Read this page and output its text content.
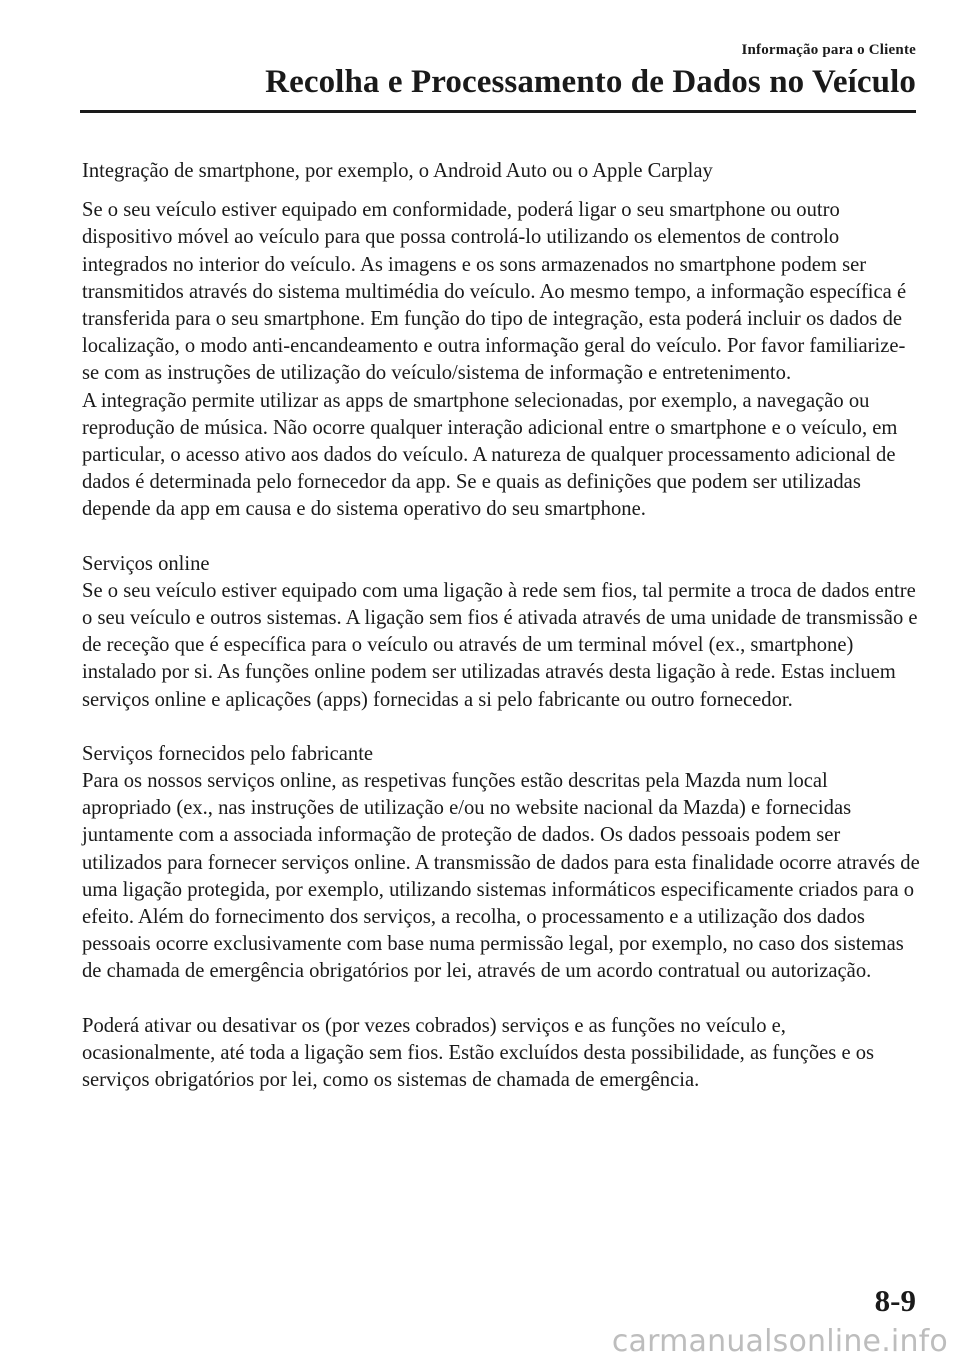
Informação para o Cliente
Recolha e Processamento de Dados no Veículo

Integração de smartphone, por exemplo, o Android Auto ou o Apple Carplay

Se o seu veículo estiver equipado em conformidade, poderá ligar o seu smartphone ou outro dispositivo móvel ao veículo para que possa controlá-lo utilizando os elementos de controlo integrados no interior do veículo. As imagens e os sons armazenados no smartphone podem ser transmitidos através do sistema multimédia do veículo. Ao mesmo tempo, a informação específica é transferida para o seu smartphone. Em função do tipo de integração, esta poderá incluir os dados de localização, o modo anti-encandeamento e outra informação geral do veículo. Por favor familiarize-se com as instruções de utilização do veículo/sistema de informação e entretenimento.

A integração permite utilizar as apps de smartphone selecionadas, por exemplo, a navegação ou reprodução de música. Não ocorre qualquer interação adicional entre o smartphone e o veículo, em particular, o acesso ativo aos dados do veículo. A natureza de qualquer processamento adicional de dados é determinada pelo fornecedor da app. Se e quais as definições que podem ser utilizadas depende da app em causa e do sistema operativo do seu smartphone.

Serviços online

Se o seu veículo estiver equipado com uma ligação à rede sem fios, tal permite a troca de dados entre o seu veículo e outros sistemas. A ligação sem fios é ativada através de uma unidade de transmissão e de receção que é específica para o veículo ou através de um terminal móvel (ex., smartphone) instalado por si. As funções online podem ser utilizadas através desta ligação à rede. Estas incluem serviços online e aplicações (apps) fornecidas a si pelo fabricante ou outro fornecedor.

Serviços fornecidos pelo fabricante

Para os nossos serviços online, as respetivas funções estão descritas pela Mazda num local apropriado (ex., nas instruções de utilização e/ou no website nacional da Mazda) e fornecidas juntamente com a associada informação de proteção de dados. Os dados pessoais podem ser utilizados para fornecer serviços online. A transmissão de dados para esta finalidade ocorre através de uma ligação protegida, por exemplo, utilizando sistemas informáticos especificamente criados para o efeito. Além do fornecimento dos serviços, a recolha, o processamento e a utilização dos dados pessoais ocorre exclusivamente com base numa permissão legal, por exemplo, no caso dos sistemas de chamada de emergência obrigatórios por lei, através de um acordo contratual ou autorização.

Poderá ativar ou desativar os (por vezes cobrados) serviços e as funções no veículo e, ocasionalmente, até toda a ligação sem fios. Estão excluídos desta possibilidade, as funções e os serviços obrigatórios por lei, como os sistemas de chamada de emergência.

8-9
carmanualsonline.info
